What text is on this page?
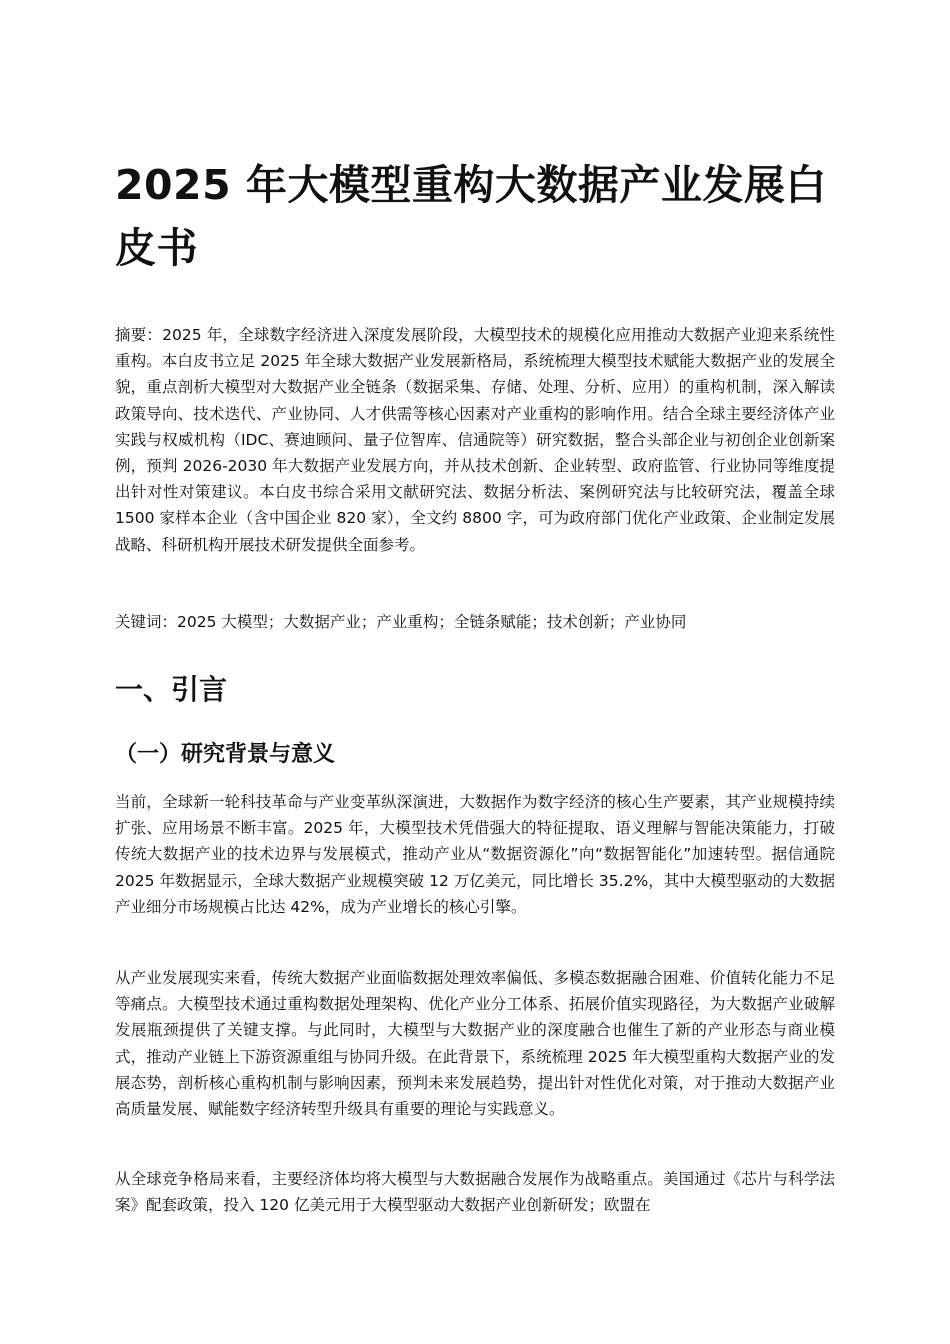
2025 年大模型重构大数据产业发展白皮书

摘要：2025 年，全球数字经济进入深度发展阶段，大模型技术的规模化应用推动大数据产业迎来系统性重构。本白皮书立足 2025 年全球大数据产业发展新格局，系统梳理大模型技术赋能大数据产业的发展全貌，重点剖析大模型对大数据产业全链条（数据采集、存储、处理、分析、应用）的重构机制，深入解读政策导向、技术迭代、产业协同、人才供需等核心因素对产业重构的影响作用。结合全球主要经济体产业实践与权威机构（IDC、赛迪顾问、量子位智库、信通院等）研究数据，整合头部企业与初创企业创新案例，预判 2026-2030 年大数据产业发展方向，并从技术创新、企业转型、政府监管、行业协同等维度提出针对性对策建议。本白皮书综合采用文献研究法、数据分析法、案例研究法与比较研究法，覆盖全球 1500 家样本企业（含中国企业 820 家），全文约 8800 字，可为政府部门优化产业政策、企业制定发展战略、科研机构开展技术研发提供全面参考。

关键词：2025 大模型；大数据产业；产业重构；全链条赋能；技术创新；产业协同

一、引言
（一）研究背景与意义

当前，全球新一轮科技革命与产业变革纵深演进，大数据作为数字经济的核心生产要素，其产业规模持续扩张、应用场景不断丰富。2025 年，大模型技术凭借强大的特征提取、语义理解与智能决策能力，打破传统大数据产业的技术边界与发展模式，推动产业从“数据资源化”向“数据智能化”加速转型。据信通院 2025 年数据显示，全球大数据产业规模突破 12 万亿美元，同比增长 35.2%，其中大模型驱动的大数据产业细分市场规模占比达 42%，成为产业增长的核心引擎。

从产业发展现实来看，传统大数据产业面临数据处理效率偏低、多模态数据融合困难、价值转化能力不足等痛点。大模型技术通过重构数据处理架构、优化产业分工体系、拓展价值实现路径，为大数据产业破解发展瓶颈提供了关键支撑。与此同时，大模型与大数据产业的深度融合也催生了新的产业形态与商业模式，推动产业链上下游资源重组与协同升级。在此背景下，系统梳理 2025 年大模型重构大数据产业的发展态势，剖析核心重构机制与影响因素，预判未来发展趋势，提出针对性优化对策，对于推动大数据产业高质量发展、赋能数字经济转型升级具有重要的理论与实践意义。

从全球竞争格局来看，主要经济体均将大模型与大数据融合发展作为战略重点。美国通过《芯片与科学法案》配套政策，投入 120 亿美元用于大模型驱动大数据产业创新研发；欧盟在
